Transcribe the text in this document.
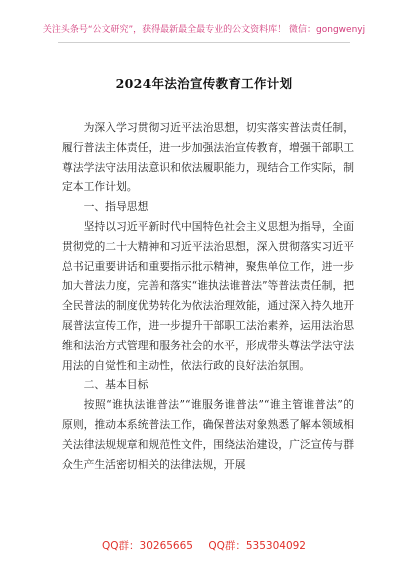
关注头条号“公文研究”，获得最新最全最专业的公文资料库！ 微信：gongwenyj
2024年法治宣传教育工作计划

为深入学习贯彻习近平法治思想，切实落实普法责任制，履行普法主体责任，进一步加强法治宣传教育，增强干部职工尊法学法守法用法意识和依法履职能力，现结合工作实际，制定本工作计划。

一、指导思想

坚持以习近平新时代中国特色社会主义思想为指导，全面贯彻党的二十大精神和习近平法治思想，深入贯彻落实习近平总书记重要讲话和重要指示批示精神，聚焦单位工作，进一步加大普法力度，完善和落实“谁执法谁普法”等普法责任制，把全民普法的制度优势转化为依法治理效能，通过深入持久地开展普法宣传工作，进一步提升干部职工法治素养，运用法治思维和法治方式管理和服务社会的水平，形成带头尊法学法守法用法的自觉性和主动性，依法行政的良好法治氛围。

二、基本目标

按照“谁执法谁普法”“谁服务谁普法”“谁主管谁普法”的原则，推动本系统普法工作，确保普法对象熟悉了解本领域相关法律法规规章和规范性文件，围绕法治建设，广泛宣传与群众生产生活密切相关的法律法规，开展

QQ群：30265665 QQ群：535304092
